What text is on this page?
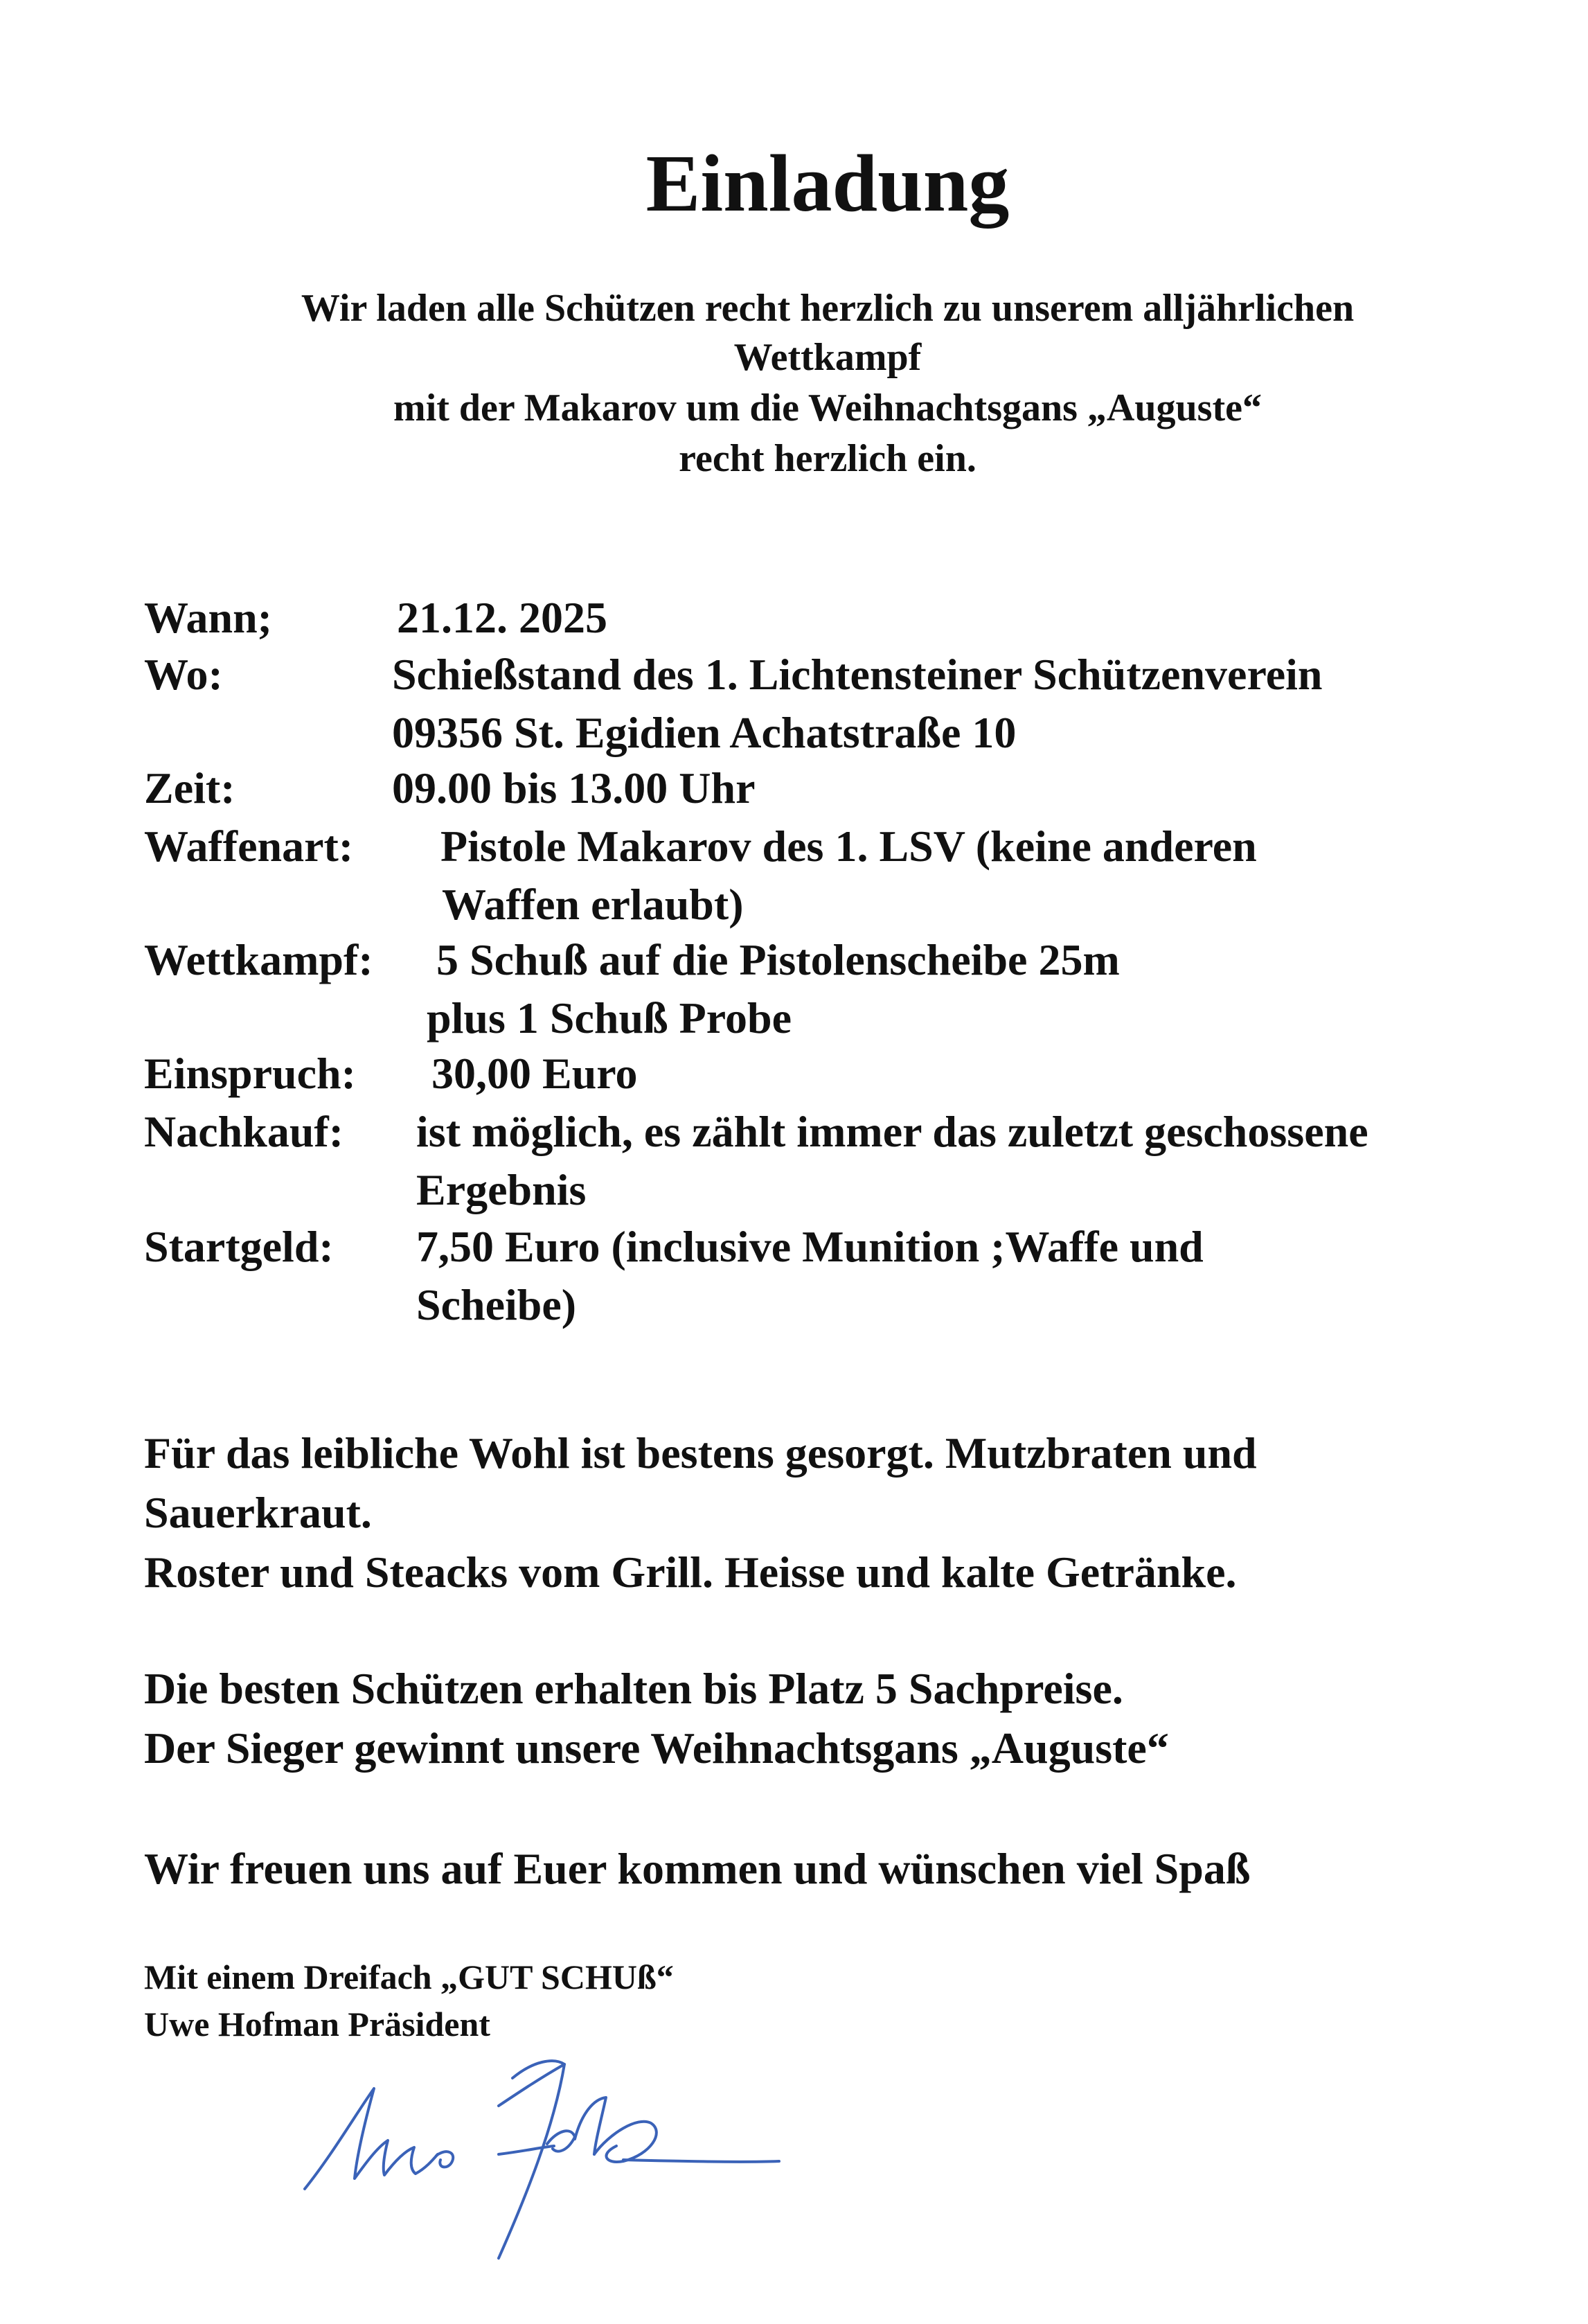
Einladung
Wir laden alle Schützen recht herzlich zu unserem alljährlichen
Wettkampf
mit der Makarov um die Weihnachtsgans „Auguste“
recht herzlich ein.
Wann;	21.12. 2025
Wo:	Schießstand des 1. Lichtensteiner Schützenverein
09356 St. Egidien Achatstraße 10
Zeit:	09.00 bis 13.00 Uhr
Waffenart: Pistole Makarov des 1. LSV (keine anderen
Waffen erlaubt)
Wettkampf: 5 Schuß auf die Pistolenscheibe 25m
plus 1 Schuß Probe
Einspruch: 30,00 Euro
Nachkauf: ist möglich, es zählt immer das zuletzt geschossene
Ergebnis
Startgeld: 7,50 Euro (inclusive Munition ;Waffe und
Scheibe)
Für das leibliche Wohl ist bestens gesorgt. Mutzbraten und
Sauerkraut.
Roster und Steacks vom Grill. Heisse und kalte Getränke.
Die besten Schützen erhalten bis Platz 5 Sachpreise.
Der Sieger gewinnt unsere Weihnachtsgans „Auguste“
Wir freuen uns auf Euer kommen und wünschen viel Spaß
Mit einem Dreifach „GUT SCHUß“
Uwe Hofman Präsident
